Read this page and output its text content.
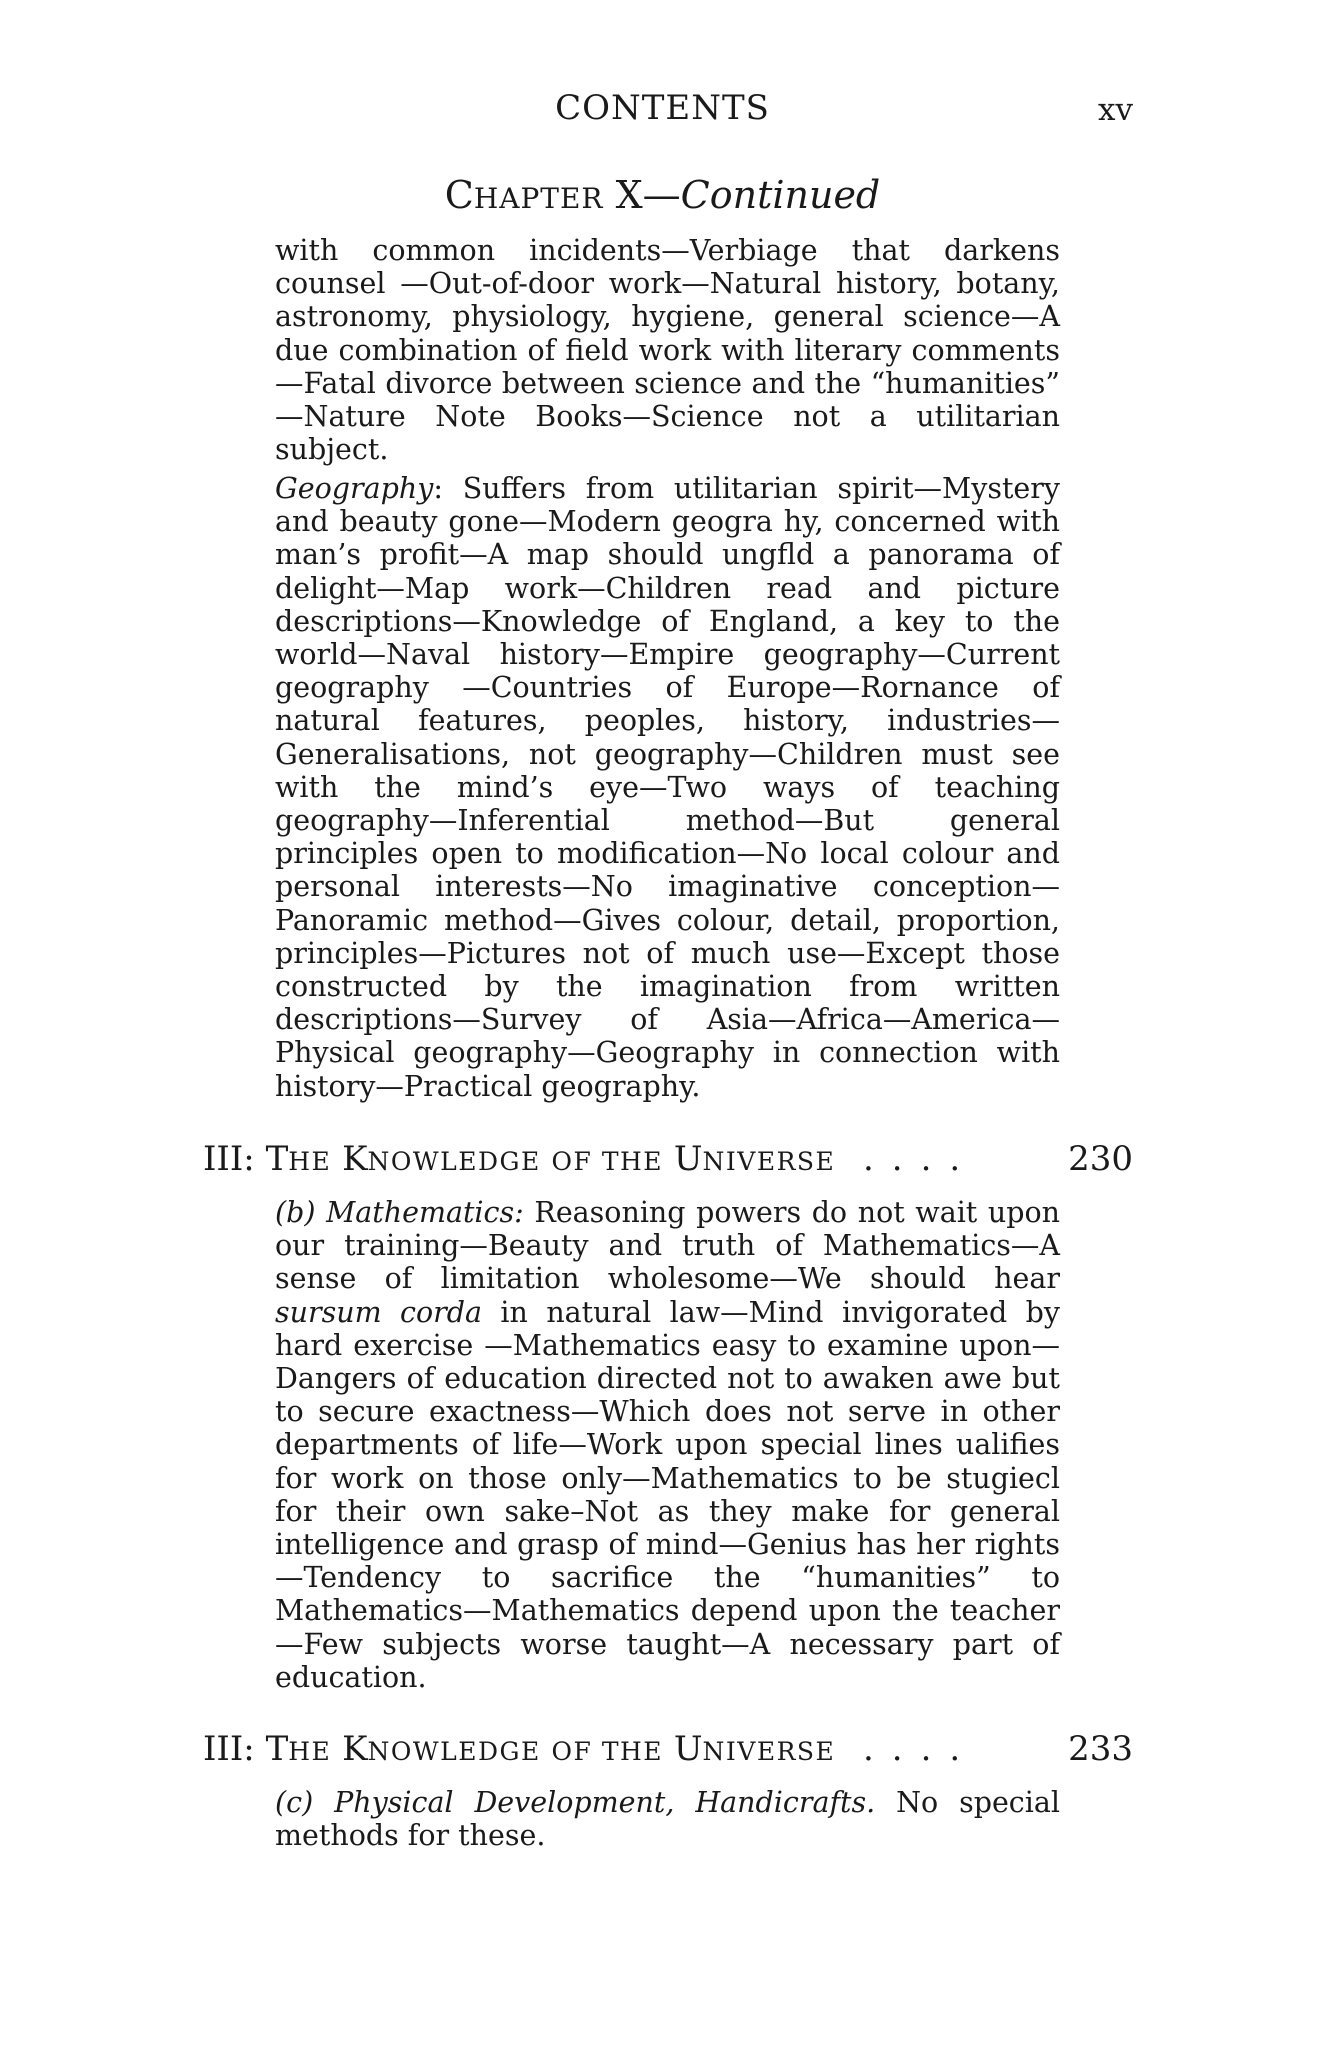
CONTENTS	xv
CHAPTER X—Continued
with common incidents—Verbiage that darkens counsel —Out-of-door work—Natural history, botany, astronomy, physiology, hygiene, general science—A due combination of field work with literary comments—Fatal divorce between science and the “humanities” —Nature Note Books—Science not a utilitarian subject.
Geography: Suffers from utilitarian spirit—Mystery and beauty gone—Modern geogra hy, concerned with man’s profit—A map should ungfld a panorama of delight—Map work—Children read and picture descriptions—Knowledge of England, a key to the world—Naval history—Empire geography—Current geography —Countries of Europe—Rornance of natural features, peoples, history, industries—Generalisations, not geography—Children must see with the mind’s eye—Two ways of teaching geography—Inferential method—But general principles open to modification—No local colour and personal interests—No imaginative conception—Panoramic method—Gives colour, detail, proportion, principles—Pictures not of much use—Except those constructed by the imagination from written descriptions—Survey of Asia—Africa—America—Physical geography—Geography in connection with history—Practical geography.
III: THE KNOWLEDGE OF THE UNIVERSE ....	230
(b) Mathematics: Reasoning powers do not wait upon our training—Beauty and truth of Mathematics—A sense of limitation wholesome—We should hear sursum corda in natural law—Mind invigorated by hard exercise —Mathematics easy to examine upon—Dangers of education directed not to awaken awe but to secure exactness—Which does not serve in other departments of life—Work upon special lines ualifies for work on those only—Mathematics to be stugiecl for their own sake–Not as they make for general intelligence and grasp of mind—Genius has her rights—Tendency to sacrifice the “humanities” to Mathematics—Mathematics depend upon the teacher—Few subjects worse taught—A necessary part of education.
III: THE KNOWLEDGE OF THE UNIVERSE ....	233
(c) Physical Development, Handicrafts. No special methods for these.
